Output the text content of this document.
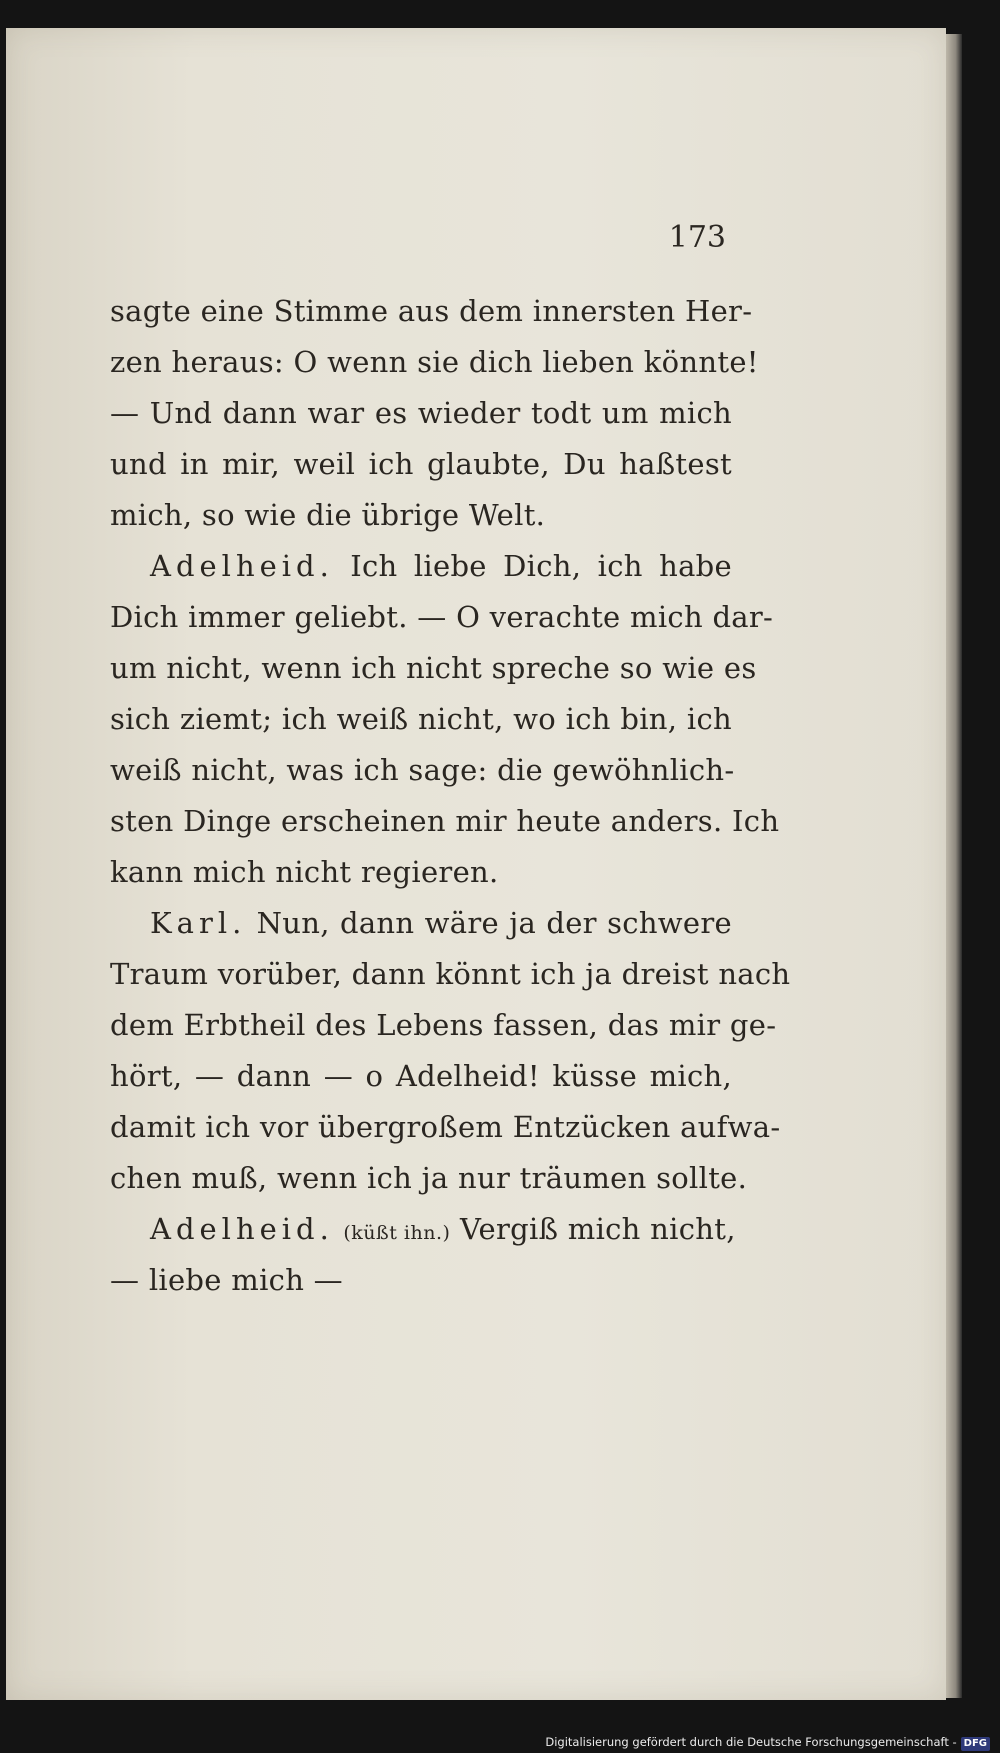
173
sagte eine Stimme aus dem innersten Her-
zen heraus: O wenn sie dich lieben könnte!
— Und dann war es wieder todt um mich
und in mir, weil ich glaubte, Du haßtest
mich, so wie die übrige Welt.
Adelheid. Ich liebe Dich, ich habe
Dich immer geliebt. — O verachte mich dar-
um nicht, wenn ich nicht spreche so wie es
sich ziemt; ich weiß nicht, wo ich bin, ich
weiß nicht, was ich sage: die gewöhnlich-
sten Dinge erscheinen mir heute anders. Ich
kann mich nicht regieren.
Karl. Nun, dann wäre ja der schwere
Traum vorüber, dann könnt ich ja dreist nach
dem Erbtheil des Lebens fassen, das mir ge-
hört, — dann — o Adelheid! küsse mich,
damit ich vor übergroßem Entzücken aufwa-
chen muß, wenn ich ja nur träumen sollte.
Adelheid. (küßt ihn.) Vergiß mich nicht,
— liebe mich —
Digitalisierung gefördert durch die Deutsche Forschungsgemeinschaft - DFG
